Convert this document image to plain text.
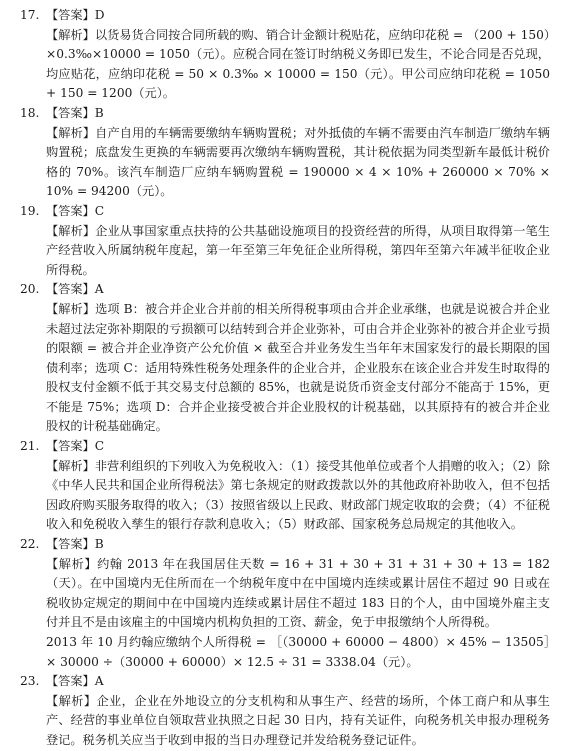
17. 【答案】D

【解析】以货易货合同按合同所载的购、销合计金额计税贴花，应纳印花税 = （200 + 150）×0.3‰×10000 = 1050（元）。应税合同在签订时纳税义务即已发生，不论合同是否兑现，均应贴花，应纳印花税 = 50 × 0.3‰ × 10000 = 150（元）。甲公司应纳印花税 = 1050 + 150 = 1200（元）。

18. 【答案】B

【解析】自产自用的车辆需要缴纳车辆购置税；对外抵债的车辆不需要由汽车制造厂缴纳车辆购置税；底盘发生更换的车辆需要再次缴纳车辆购置税，其计税依据为同类型新车最低计税价格的 70%。该汽车制造厂应纳车辆购置税 = 190000 × 4 × 10% + 260000 × 70% × 10% = 94200（元）。

19. 【答案】C

【解析】企业从事国家重点扶持的公共基础设施项目的投资经营的所得，从项目取得第一笔生产经营收入所属纳税年度起，第一年至第三年免征企业所得税，第四年至第六年减半征收企业所得税。

20. 【答案】A

【解析】选项 B：被合并企业合并前的相关所得税事项由合并企业承继，也就是说被合并企业未超过法定弥补期限的亏损额可以结转到合并企业弥补，可由合并企业弥补的被合并企业亏损的限额 = 被合并企业净资产公允价值 × 截至合并业务发生当年年末国家发行的最长期限的国债利率；选项 C：适用特殊性税务处理条件的企业合并，企业股东在该企业合并发生时取得的股权支付金额不低于其交易支付总额的 85%，也就是说货币资金支付部分不能高于 15%，更不能是 75%；选项 D：合并企业接受被合并企业股权的计税基础，以其原持有的被合并企业股权的计税基础确定。

21. 【答案】C

【解析】非营利组织的下列收入为免税收入：（1）接受其他单位或者个人捐赠的收入；（2）除《中华人民共和国企业所得税法》第七条规定的财政拨款以外的其他政府补助收入，但不包括因政府购买服务取得的收入；（3）按照省级以上民政、财政部门规定收取的会费；（4）不征税收入和免税收入孳生的银行存款利息收入；（5）财政部、国家税务总局规定的其他收入。

22. 【答案】B

【解析】约翰 2013 年在我国居住天数 = 16 + 31 + 30 + 31 + 31 + 30 + 13 = 182（天）。在中国境内无住所而在一个纳税年度中在中国境内连续或累计居住不超过 90 日或在税收协定规定的期间中在中国境内连续或累计居住不超过 183 日的个人，由中国境外雇主支付并且不是由该雇主的中国境内机构负担的工资、薪金，免于申报缴纳个人所得税。

2013 年 10 月约翰应缴纳个人所得税 = ［（30000 + 60000 − 4800）× 45% − 13505］× 30000 ÷（30000 + 60000）× 12.5 ÷ 31 = 3338.04（元）。

23. 【答案】A

【解析】企业，企业在外地设立的分支机构和从事生产、经营的场所，个体工商户和从事生产、经营的事业单位自领取营业执照之日起 30 日内，持有关证件，向税务机关申报办理税务登记。税务机关应当于收到申报的当日办理登记并发给税务登记证件。
